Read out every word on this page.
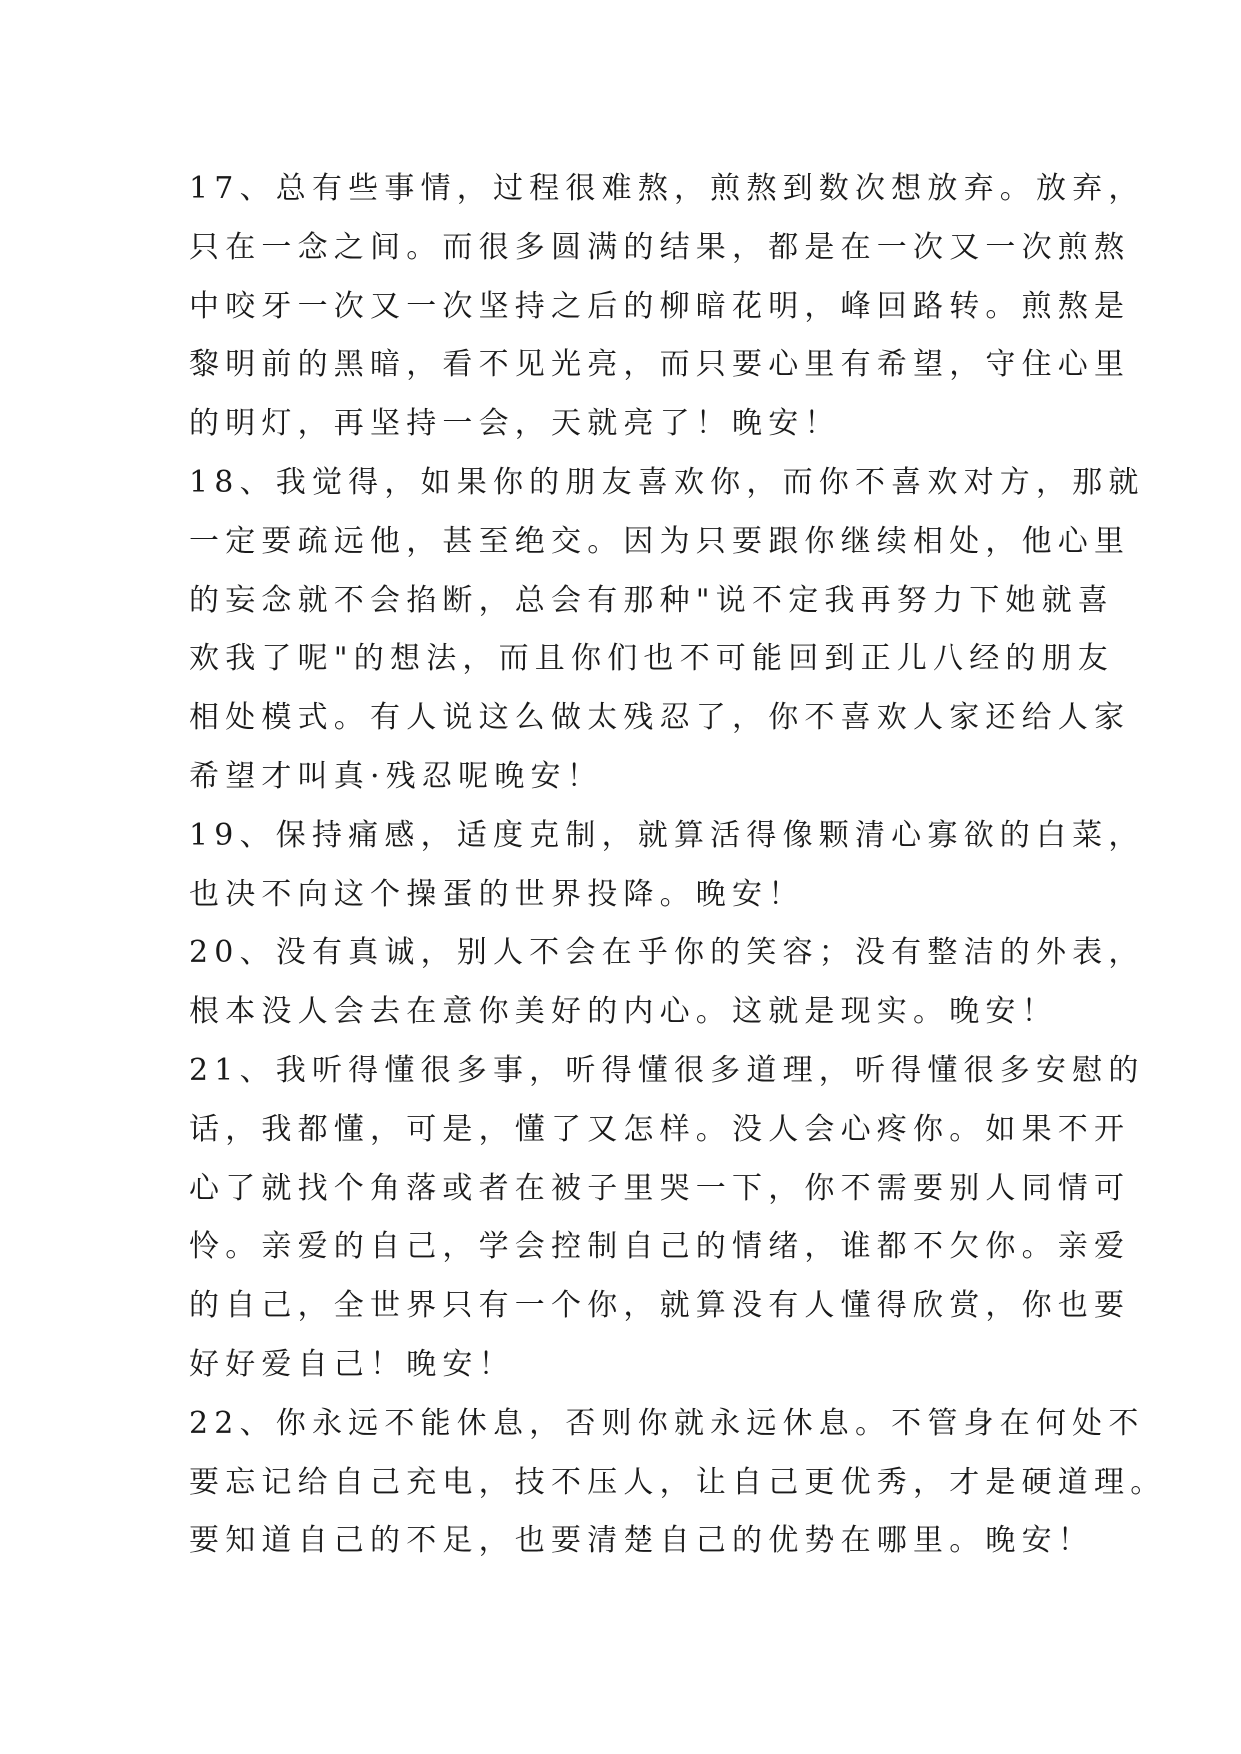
17、总有些事情，过程很难熬，煎熬到数次想放弃。放弃，
只在一念之间。而很多圆满的结果，都是在一次又一次煎熬
中咬牙一次又一次坚持之后的柳暗花明，峰回路转。煎熬是
黎明前的黑暗，看不见光亮，而只要心里有希望，守住心里
的明灯，再坚持一会，天就亮了！晚安！
18、我觉得，如果你的朋友喜欢你，而你不喜欢对方，那就
一定要疏远他，甚至绝交。因为只要跟你继续相处，他心里
的妄念就不会掐断，总会有那种"说不定我再努力下她就喜
欢我了呢"的想法，而且你们也不可能回到正儿八经的朋友
相处模式。有人说这么做太残忍了，你不喜欢人家还给人家
希望才叫真·残忍呢晚安！
19、保持痛感，适度克制，就算活得像颗清心寡欲的白菜，
也决不向这个操蛋的世界投降。晚安！
20、没有真诚，别人不会在乎你的笑容；没有整洁的外表，
根本没人会去在意你美好的内心。这就是现实。晚安！
21、我听得懂很多事，听得懂很多道理，听得懂很多安慰的
话，我都懂，可是，懂了又怎样。没人会心疼你。如果不开
心了就找个角落或者在被子里哭一下，你不需要别人同情可
怜。亲爱的自己，学会控制自己的情绪，谁都不欠你。亲爱
的自己，全世界只有一个你，就算没有人懂得欣赏，你也要
好好爱自己！晚安！
22、你永远不能休息，否则你就永远休息。不管身在何处不
要忘记给自己充电，技不压人，让自己更优秀，才是硬道理。
要知道自己的不足，也要清楚自己的优势在哪里。晚安！
